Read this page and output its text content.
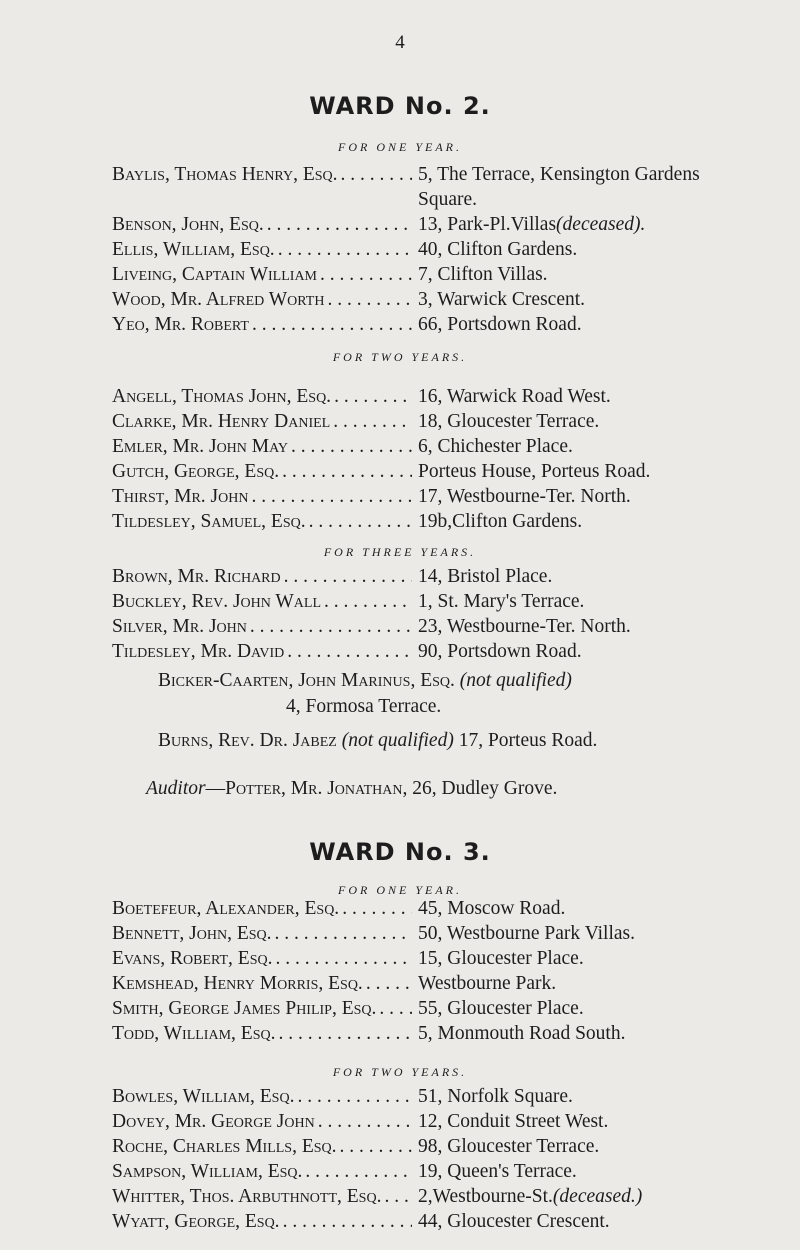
4
WARD No. 2.
FOR ONE YEAR.
Baylis, Thomas Henry, Esq. . . .	5, The Terrace, Kensington Gardens Square.
Benson, John, Esq. . . .	13, Park-Pl.Villas(deceased).
Ellis, William, Esq. . . .	40, Clifton Gardens.
Liveing, Captain William . . .	7, Clifton Villas.
Wood, Mr. Alfred Worth . . .	3, Warwick Crescent.
Yeo, Mr. Robert . . .	66, Portsdown Road.
FOR TWO YEARS.
Angell, Thomas John, Esq. . . .	16, Warwick Road West.
Clarke, Mr. Henry Daniel . . .	18, Gloucester Terrace.
Emler, Mr. John May . . .	6, Chichester Place.
Gutch, George, Esq. . . .	Porteus House, Porteus Road.
Thirst, Mr. John . . .	17, Westbourne-Ter. North.
Tildesley, Samuel, Esq. . . .	19b,Clifton Gardens.
FOR THREE YEARS.
Brown, Mr. Richard . . .	14, Bristol Place.
Buckley, Rev. John Wall . . .	1, St. Mary's Terrace.
Silver, Mr. John . . .	23, Westbourne-Ter. North.
Tildesley, Mr. David . . .	90, Portsdown Road.
Bicker-Caarten, John Marinus, Esq. (not qualified)
4, Formosa Terrace.
Burns, Rev. Dr. Jabez (not qualified) 17, Porteus Road.
Auditor—Potter, Mr. Jonathan, 26, Dudley Grove.
WARD No. 3.
FOR ONE YEAR.
Boetefeur, Alexander, Esq. . . .	45, Moscow Road.
Bennett, John, Esq. . . .	50, Westbourne Park Villas.
Evans, Robert, Esq. . . .	15, Gloucester Place.
Kemshead, Henry Morris, Esq. . . .	Westbourne Park.
Smith, George James Philip, Esq. . . .	55, Gloucester Place.
Todd, William, Esq. . . .	5, Monmouth Road South.
FOR TWO YEARS.
Bowles, William, Esq. . . .	51, Norfolk Square.
Dovey, Mr. George John . . .	12, Conduit Street West.
Roche, Charles Mills, Esq. . . .	98, Gloucester Terrace.
Sampson, William, Esq. . . .	19, Queen's Terrace.
Whitter, Thos. Arbuthnott, Esq. . . .	2,Westbourne-St.(deceased.)
Wyatt, George, Esq. . . .	44, Gloucester Crescent.
